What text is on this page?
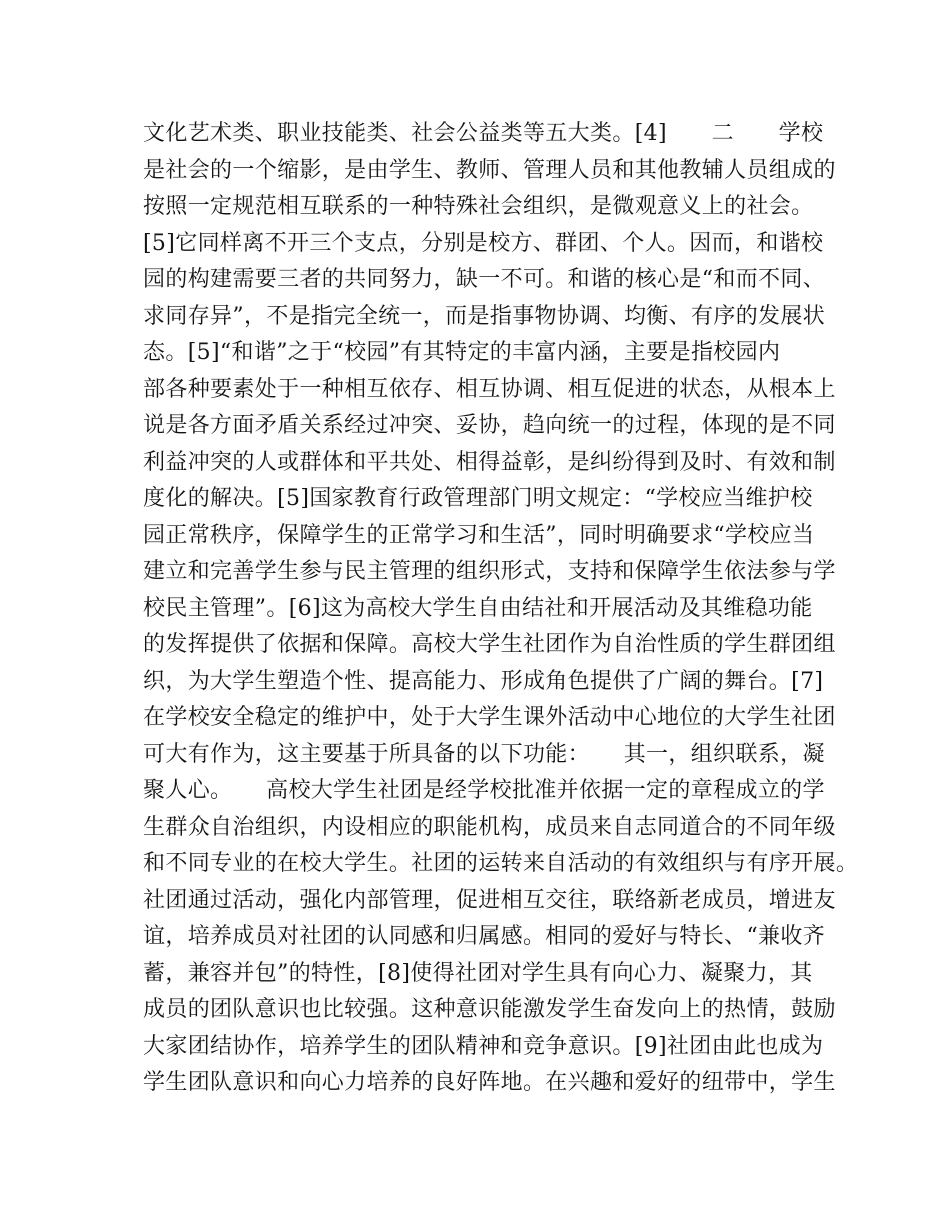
文化艺术类、职业技能类、社会公益类等五大类。[4]　　二　　学校
是社会的一个缩影，是由学生、教师、管理人员和其他教辅人员组成的
按照一定规范相互联系的一种特殊社会组织，是微观意义上的社会。
[5]它同样离不开三个支点，分别是校方、群团、个人。因而，和谐校
园的构建需要三者的共同努力，缺一不可。和谐的核心是“和而不同、
求同存异”，不是指完全统一，而是指事物协调、均衡、有序的发展状
态。[5]“和谐”之于“校园”有其特定的丰富内涵，主要是指校园内
部各种要素处于一种相互依存、相互协调、相互促进的状态，从根本上
说是各方面矛盾关系经过冲突、妥协，趋向统一的过程，体现的是不同
利益冲突的人或群体和平共处、相得益彰，是纠纷得到及时、有效和制
度化的解决。[5]国家教育行政管理部门明文规定：“学校应当维护校
园正常秩序，保障学生的正常学习和生活”，同时明确要求“学校应当
建立和完善学生参与民主管理的组织形式，支持和保障学生依法参与学
校民主管理”。[6]这为高校大学生自由结社和开展活动及其维稳功能
的发挥提供了依据和保障。高校大学生社团作为自治性质的学生群团组
织，为大学生塑造个性、提高能力、形成角色提供了广阔的舞台。[7]
在学校安全稳定的维护中，处于大学生课外活动中心地位的大学生社团
可大有作为，这主要基于所具备的以下功能：　　其一，组织联系，凝
聚人心。　　高校大学生社团是经学校批准并依据一定的章程成立的学
生群众自治组织，内设相应的职能机构，成员来自志同道合的不同年级
和不同专业的在校大学生。社团的运转来自活动的有效组织与有序开展。
社团通过活动，强化内部管理，促进相互交往，联络新老成员，增进友
谊，培养成员对社团的认同感和归属感。相同的爱好与特长、“兼收齐
蓄，兼容并包”的特性，[8]使得社团对学生具有向心力、凝聚力，其
成员的团队意识也比较强。这种意识能激发学生奋发向上的热情，鼓励
大家团结协作，培养学生的团队精神和竞争意识。[9]社团由此也成为
学生团队意识和向心力培养的良好阵地。在兴趣和爱好的纽带中，学生
